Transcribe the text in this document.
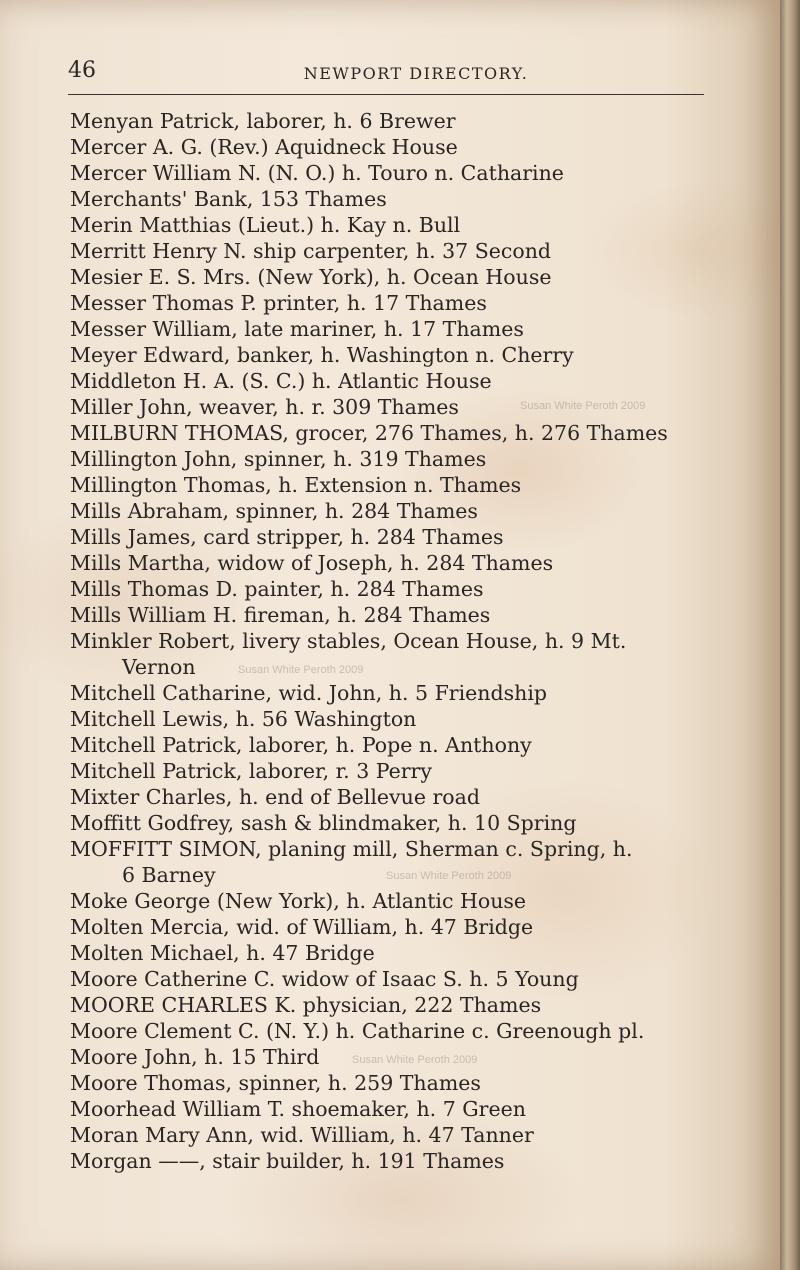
46	NEWPORT DIRECTORY.
Menyan Patrick, laborer, h. 6 Brewer
Mercer A. G. (Rev.) Aquidneck House
Mercer William N. (N. O.) h. Touro n. Catharine
Merchants' Bank, 153 Thames
Merin Matthias (Lieut.) h. Kay n. Bull
Merritt Henry N. ship carpenter, h. 37 Second
Mesier E. S. Mrs. (New York), h. Ocean House
Messer Thomas P. printer, h. 17 Thames
Messer William, late mariner, h. 17 Thames
Meyer Edward, banker, h. Washington n. Cherry
Middleton H. A. (S. C.) h. Atlantic House
Miller John, weaver, h. r. 309 Thames
MILBURN THOMAS, grocer, 276 Thames, h. 276 Thames
Millington John, spinner, h. 319 Thames
Millington Thomas, h. Extension n. Thames
Mills Abraham, spinner, h. 284 Thames
Mills James, card stripper, h. 284 Thames
Mills Martha, widow of Joseph, h. 284 Thames
Mills Thomas D. painter, h. 284 Thames
Mills William H. fireman, h. 284 Thames
Minkler Robert, livery stables, Ocean House, h. 9 Mt.
Vernon
Mitchell Catharine, wid. John, h. 5 Friendship
Mitchell Lewis, h. 56 Washington
Mitchell Patrick, laborer, h. Pope n. Anthony
Mitchell Patrick, laborer, r. 3 Perry
Mixter Charles, h. end of Bellevue road
Moffitt Godfrey, sash & blindmaker, h. 10 Spring
MOFFITT SIMON, planing mill, Sherman c. Spring, h.
6 Barney
Moke George (New York), h. Atlantic House
Molten Mercia, wid. of William, h. 47 Bridge
Molten Michael, h. 47 Bridge
Moore Catherine C. widow of Isaac S. h. 5 Young
MOORE CHARLES K. physician, 222 Thames
Moore Clement C. (N. Y.) h. Catharine c. Greenough pl.
Moore John, h. 15 Third
Moore Thomas, spinner, h. 259 Thames
Moorhead William T. shoemaker, h. 7 Green
Moran Mary Ann, wid. William, h. 47 Tanner
Morgan ——, stair builder, h. 191 Thames
Susan White Peroth 2009
Susan White Peroth 2009
Susan White Peroth 2009
Susan White Peroth 2009
